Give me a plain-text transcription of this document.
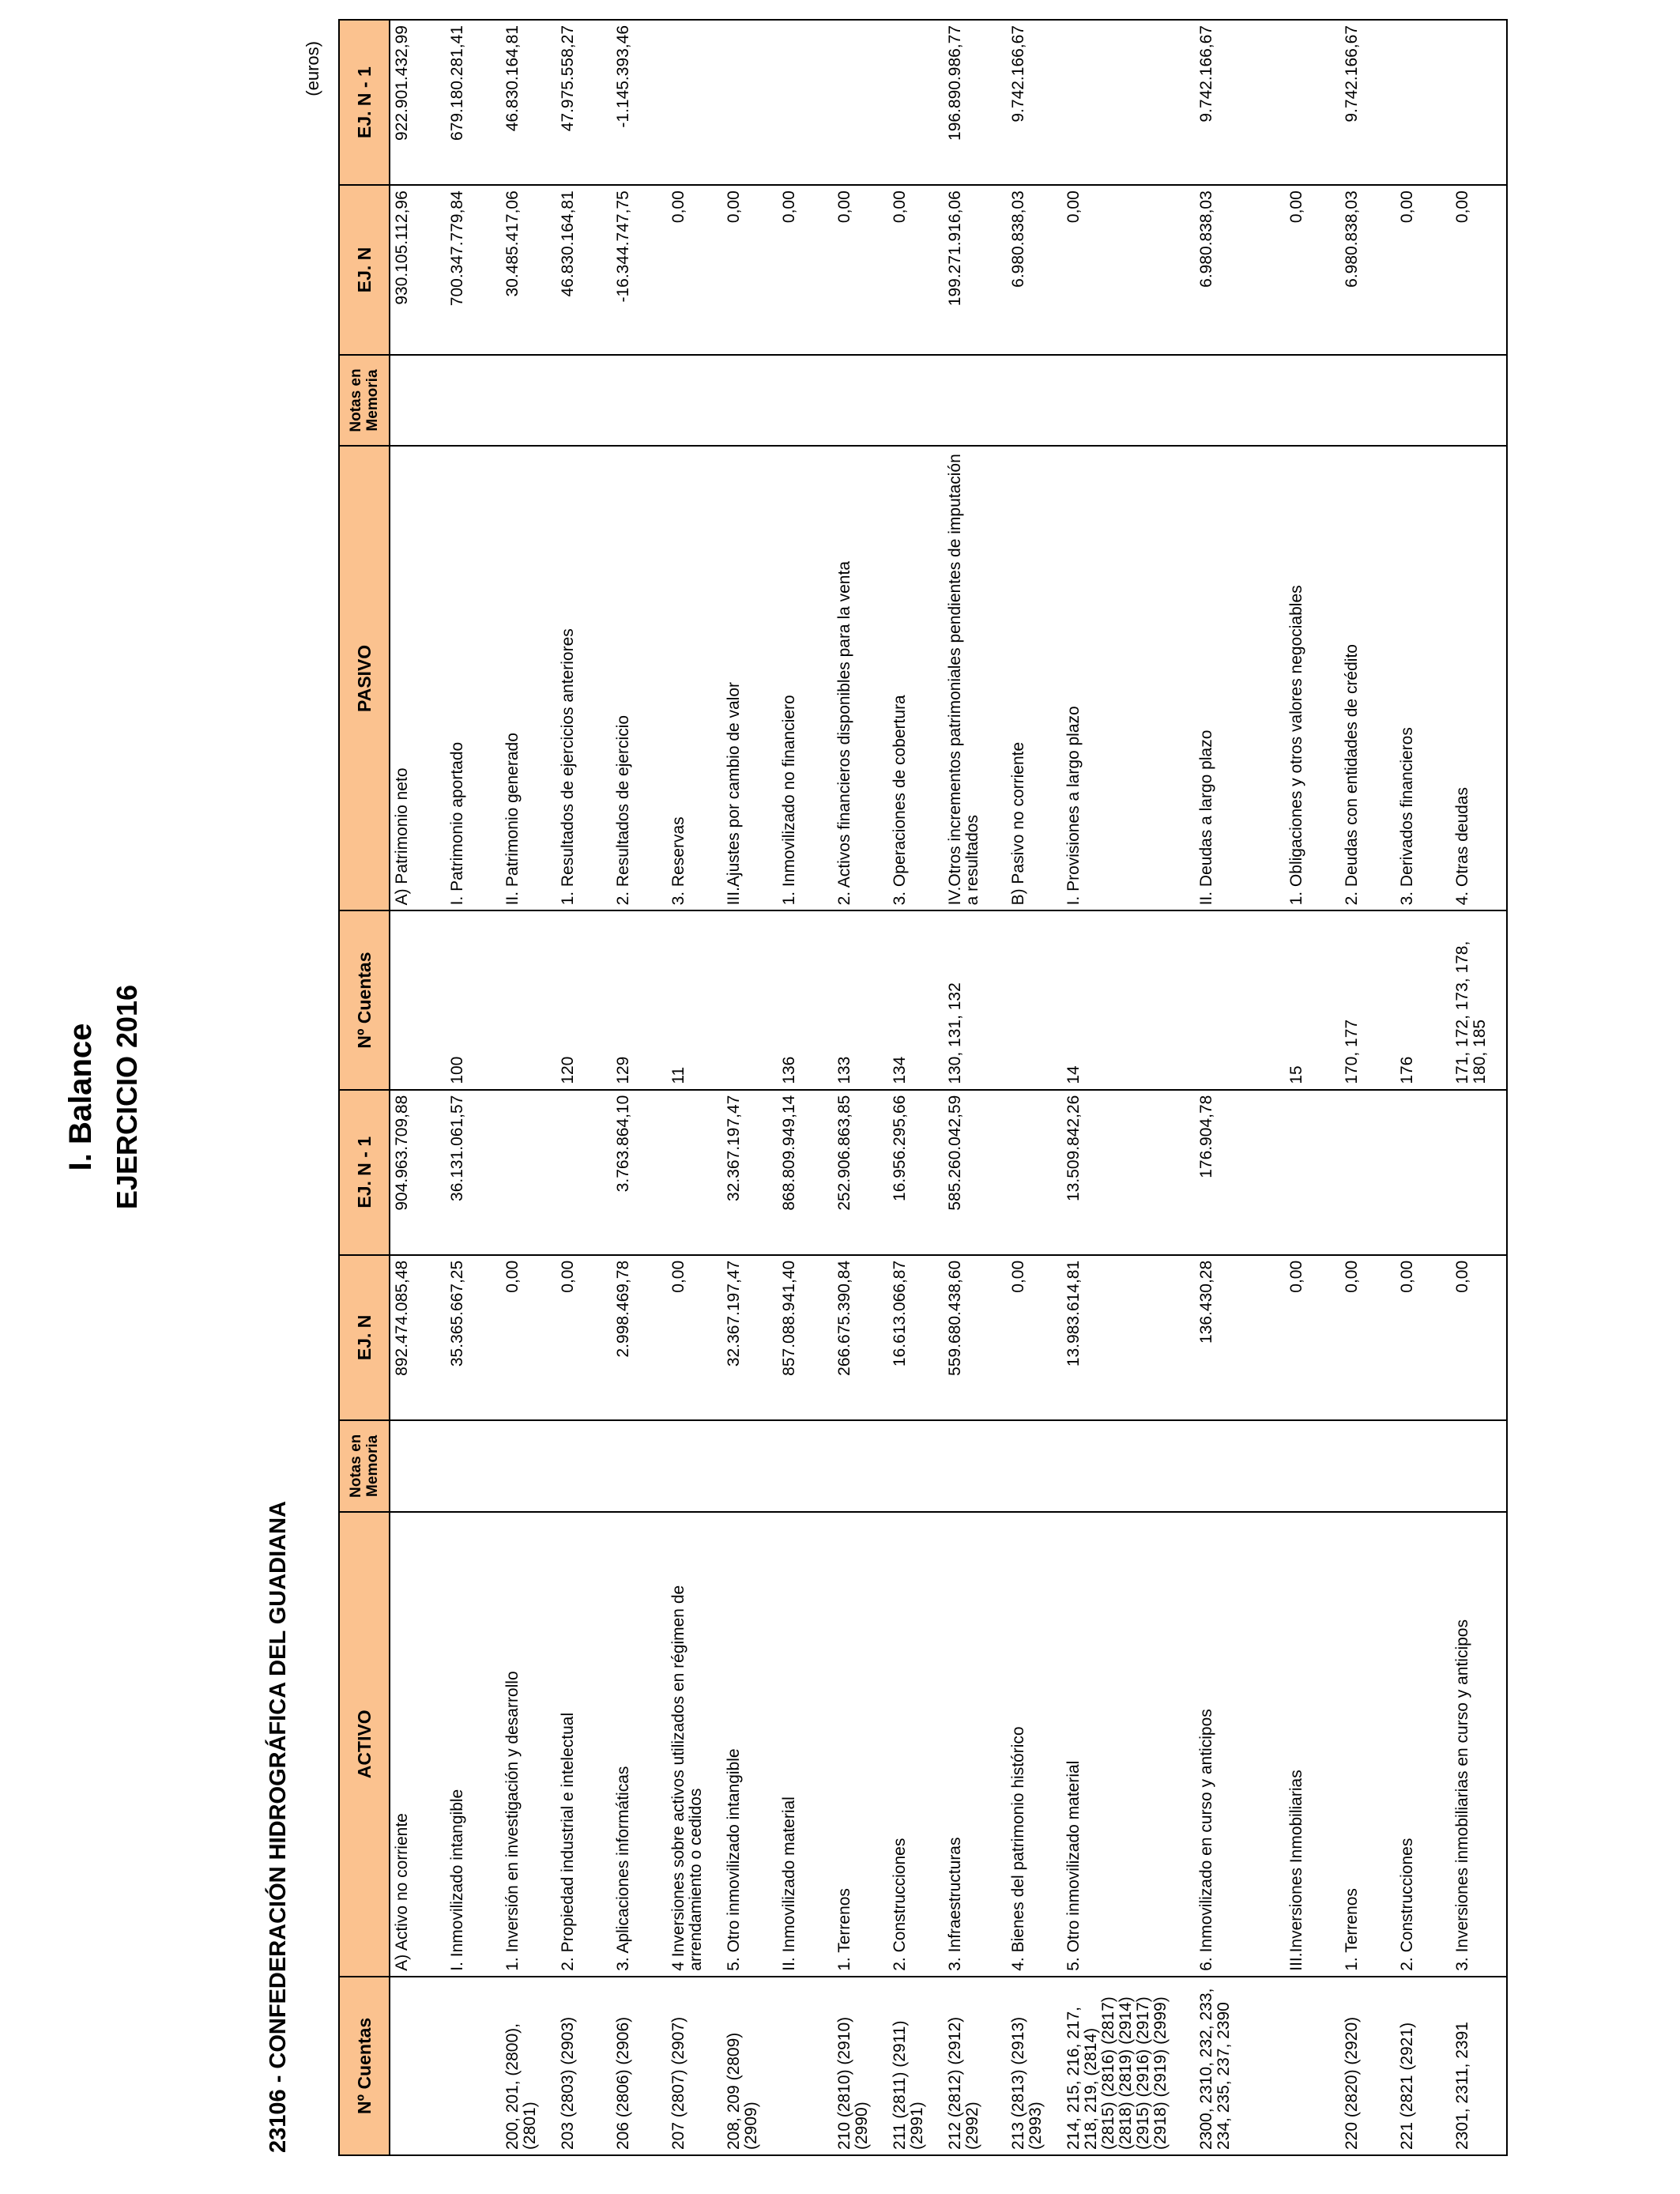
I. Balance EJERCICIO 2016
23106 - CONFEDERACIÓN HIDROGRÁFICA DEL GUADIANA
(euros)
Nº Cuentas	ACTIVO	Notas en Memoria	EJ. N	EJ. N - 1	Nº Cuentas	PASIVO	Notas en Memoria	EJ. N	EJ. N - 1
	A) Activo no corriente		892.474.085,48	904.963.709,88		A) Patrimonio neto		930.105.112,96	922.901.432,99
	I. Inmovilizado intangible		35.365.667,25	36.131.061,57	100	I. Patrimonio aportado		700.347.779,84	679.180.281,41
200, 201, (2800), (2801)	1. Inversión en investigación y desarrollo		0,00			II. Patrimonio generado		30.485.417,06	46.830.164,81
203 (2803) (2903)	2. Propiedad industrial e intelectual		0,00		120	1. Resultados de ejercicios anteriores		46.830.164,81	47.975.558,27
206 (2806) (2906)	3. Aplicaciones informáticas		2.998.469,78	3.763.864,10	129	2. Resultados de ejercicio		-16.344.747,75	-1.145.393,46
207 (2807) (2907)	4 Inversiones sobre activos utilizados en régimen de arrendamiento o cedidos		0,00		11	3. Reservas		0,00	
208, 209 (2809) (2909)	5. Otro inmovilizado intangible		32.367.197,47	32.367.197,47		III.Ajustes por cambio de valor		0,00	
	II. Inmovilizado material		857.088.941,40	868.809.949,14	136	1. Inmovilizado no financiero		0,00	
210 (2810) (2910) (2990)	1. Terrenos		266.675.390,84	252.906.863,85	133	2. Activos financieros disponibles para la venta		0,00	
211 (2811) (2911) (2991)	2. Construcciones		16.613.066,87	16.956.295,66	134	3. Operaciones de cobertura		0,00	
212 (2812) (2912) (2992)	3. Infraestructuras		559.680.438,60	585.260.042,59	130, 131, 132	IV.Otros incrementos patrimoniales pendientes de imputación a resultados		199.271.916,06	196.890.986,77
213 (2813) (2913) (2993)	4. Bienes del patrimonio histórico		0,00			B) Pasivo no corriente		6.980.838,03	9.742.166,67
214, 215, 216, 217, 218, 219, (2814) (2815) (2816) (2817) (2818) (2819) (2914) (2915) (2916) (2917) (2918) (2919) (2999)	5. Otro inmovilizado material		13.983.614,81	13.509.842,26	14	I. Provisiones a largo plazo		0,00	
2300, 2310, 232, 233, 234, 235, 237, 2390	6. Inmovilizado en curso y anticipos		136.430,28	176.904,78		II. Deudas a largo plazo		6.980.838,03	9.742.166,67
	III.Inversiones Inmobiliarias		0,00		15	1. Obligaciones y otros valores negociables		0,00	
220 (2820) (2920)	1. Terrenos		0,00		170, 177	2. Deudas con entidades de crédito		6.980.838,03	9.742.166,67
221 (2821 (2921)	2. Construcciones		0,00		176	3. Derivados financieros		0,00	
2301, 2311, 2391	3. Inversiones inmobiliarias en curso y anticipos		0,00		171, 172, 173, 178, 180, 185	4. Otras deudas		0,00	
